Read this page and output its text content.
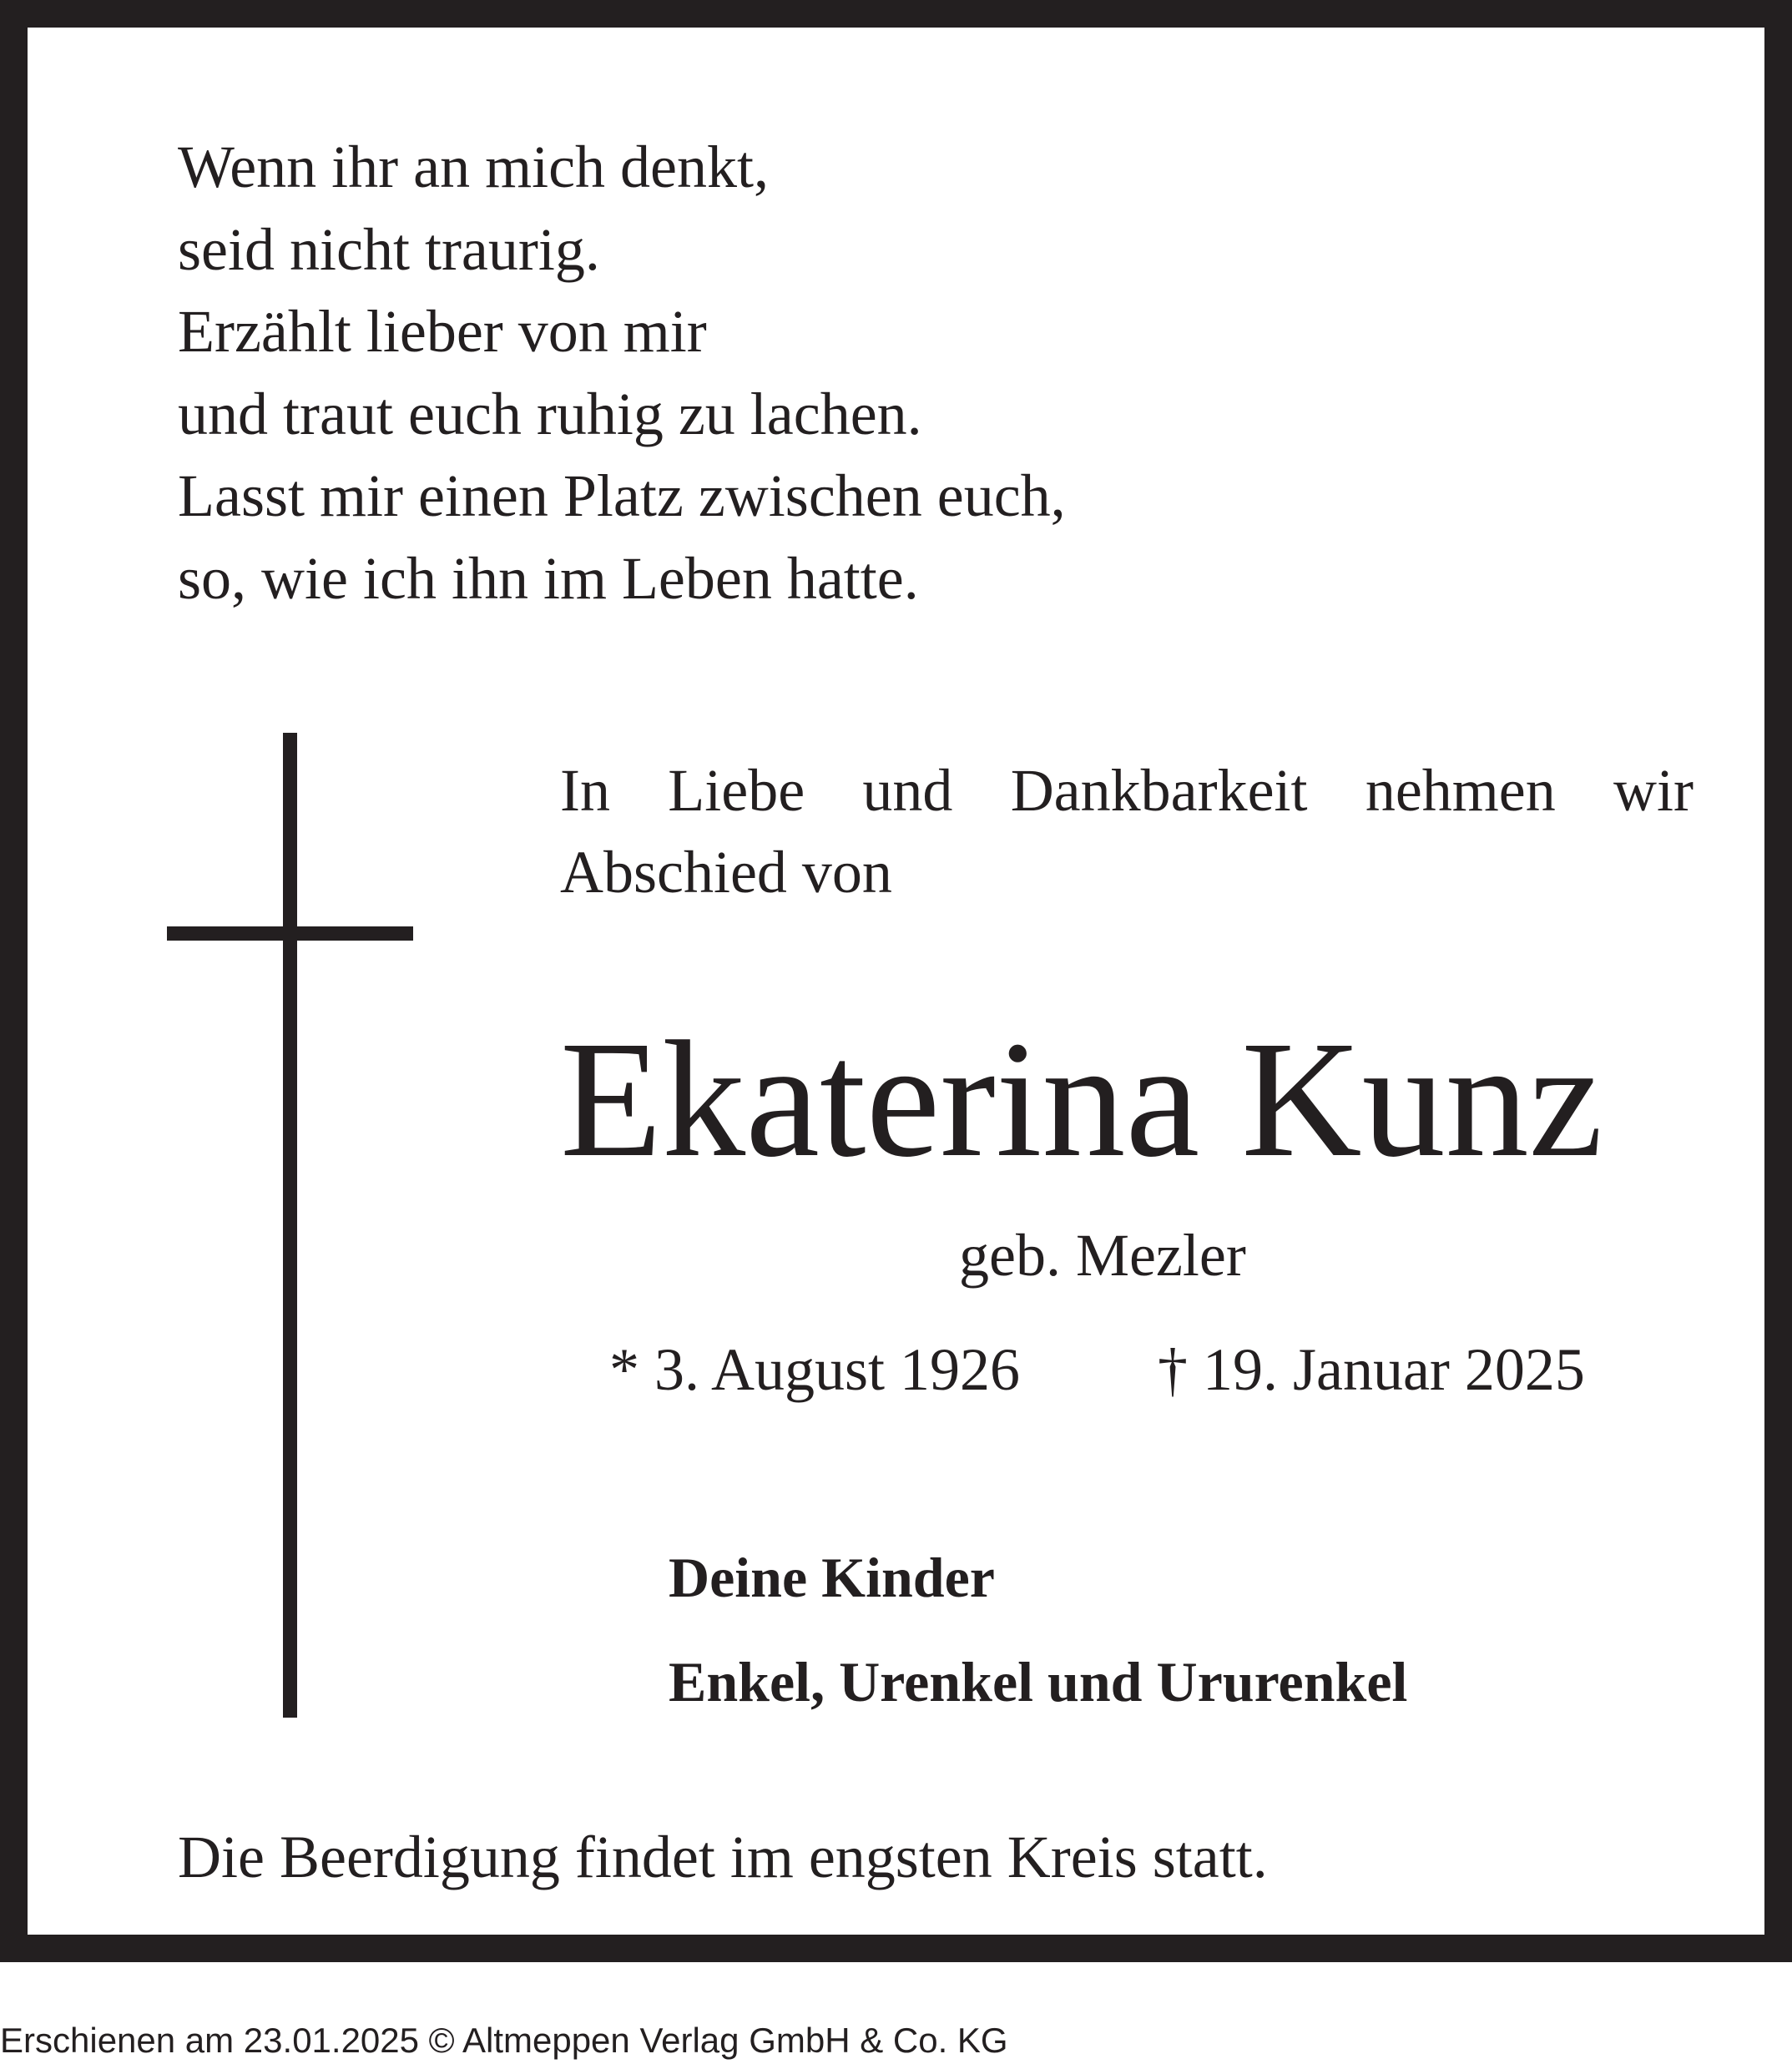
Wenn ihr an mich denkt,
seid nicht traurig.
Erzählt lieber von mir
und traut euch ruhig zu lachen.
Lasst mir einen Platz zwischen euch,
so, wie ich ihn im Leben hatte.
In Liebe und Dankbarkeit nehmen wir
Abschied von
Ekaterina Kunz
geb. Mezler
* 3. August 1926 † 19. Januar 2025
Deine Kinder
Enkel, Urenkel und Ururenkel
Die Beerdigung findet im engsten Kreis statt.
Erschienen am 23.01.2025 © Altmeppen Verlag GmbH & Co. KG
